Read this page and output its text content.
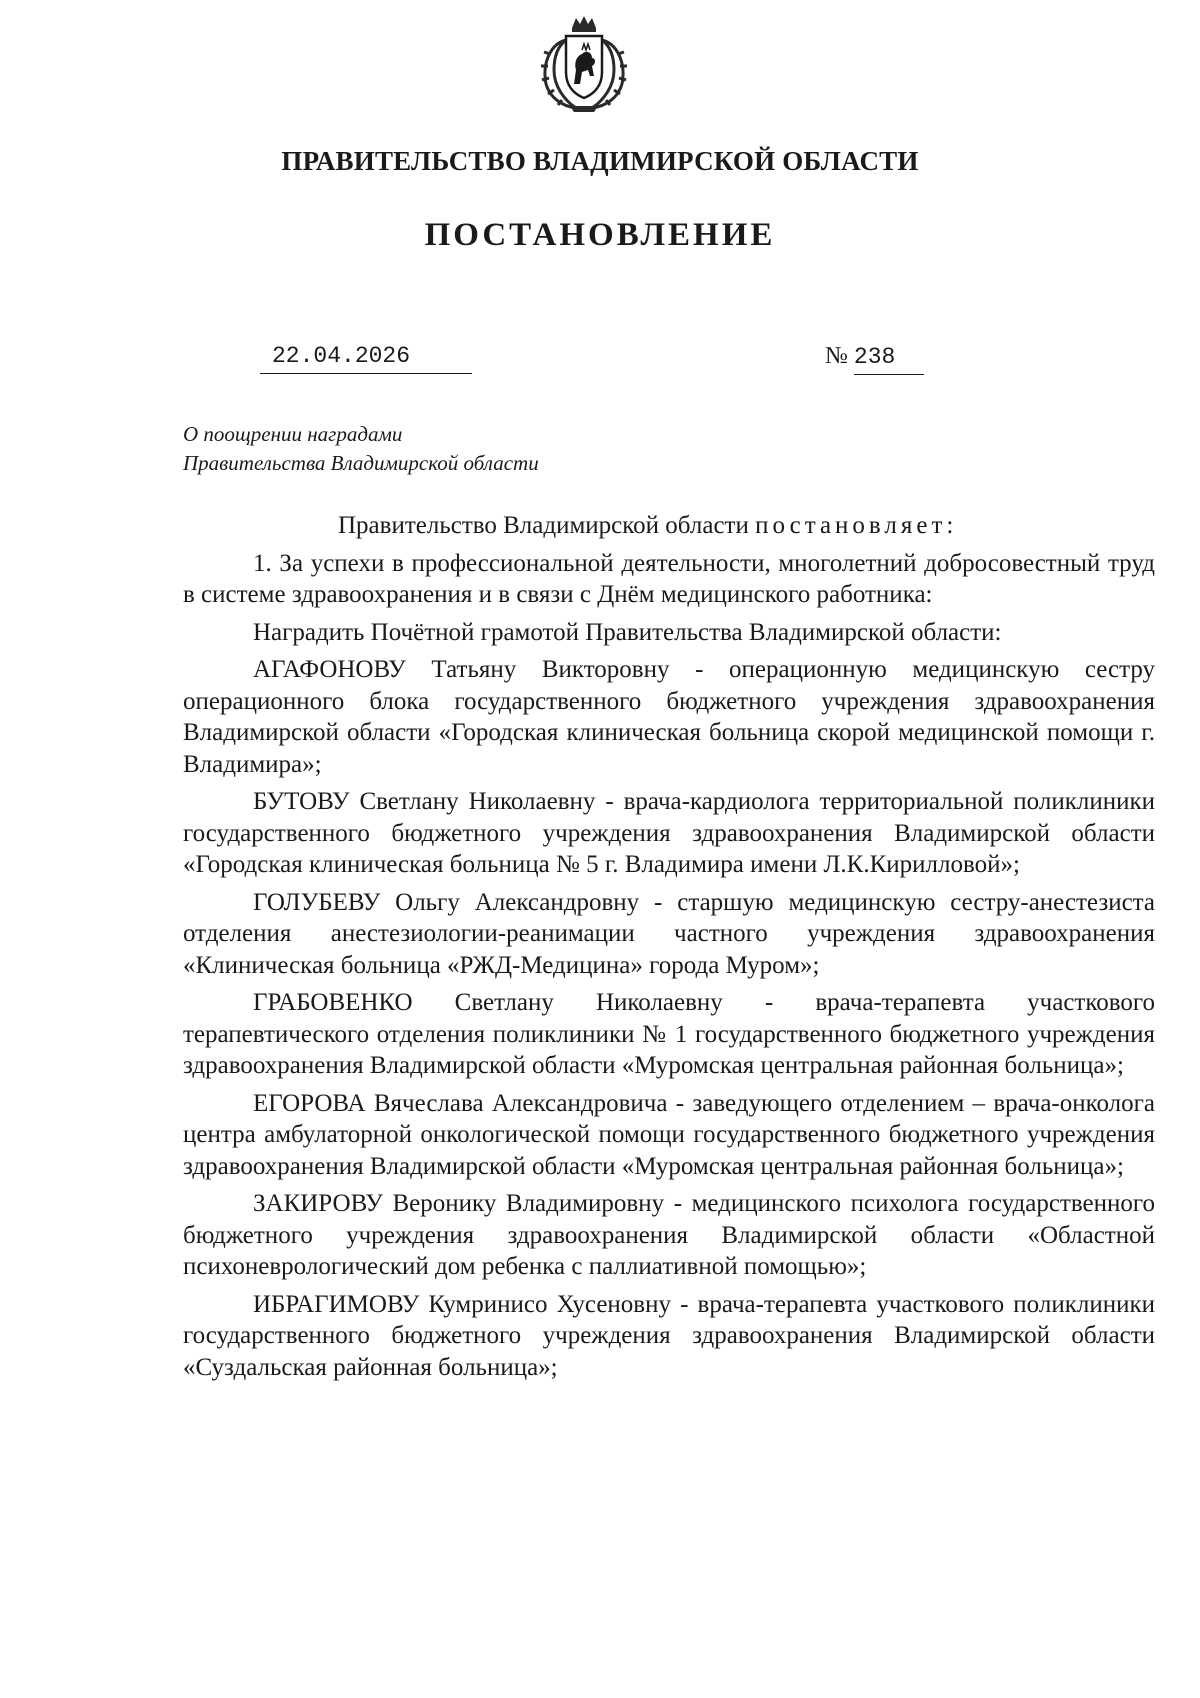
ПРАВИТЕЛЬСТВО ВЛАДИМИРСКОЙ ОБЛАСТИ
ПОСТАНОВЛЕНИЕ
22.04.2026	№ 238
О поощрении наградами
Правительства Владимирской области

Правительство Владимирской области постановляет:

1. За успехи в профессиональной деятельности, многолетний добросовестный труд в системе здравоохранения и в связи с Днём медицинского работника:

Наградить Почётной грамотой Правительства Владимирской области:

АГАФОНОВУ Татьяну Викторовну - операционную медицинскую сестру операционного блока государственного бюджетного учреждения здравоохранения Владимирской области «Городская клиническая больница скорой медицинской помощи г. Владимира»;

БУТОВУ Светлану Николаевну - врача-кардиолога территориальной поликлиники государственного бюджетного учреждения здравоохранения Владимирской области «Городская клиническая больница № 5 г. Владимира имени Л.К.Кирилловой»;

ГОЛУБЕВУ Ольгу Александровну - старшую медицинскую сестру-анестезиста отделения анестезиологии-реанимации частного учреждения здравоохранения «Клиническая больница «РЖД-Медицина» города Муром»;

ГРАБОВЕНКО Светлану Николаевну - врача-терапевта участкового терапевтического отделения поликлиники № 1 государственного бюджетного учреждения здравоохранения Владимирской области «Муромская центральная районная больница»;

ЕГОРОВА Вячеслава Александровича - заведующего отделением – врача-онколога центра амбулаторной онкологической помощи государственного бюджетного учреждения здравоохранения Владимирской области «Муромская центральная районная больница»;

ЗАКИРОВУ Веронику Владимировну - медицинского психолога государственного бюджетного учреждения здравоохранения Владимирской области «Областной психоневрологический дом ребенка с паллиативной помощью»;

ИБРАГИМОВУ Кумринисо Хусеновну - врача-терапевта участкового поликлиники государственного бюджетного учреждения здравоохранения Владимирской области «Суздальская районная больница»;
